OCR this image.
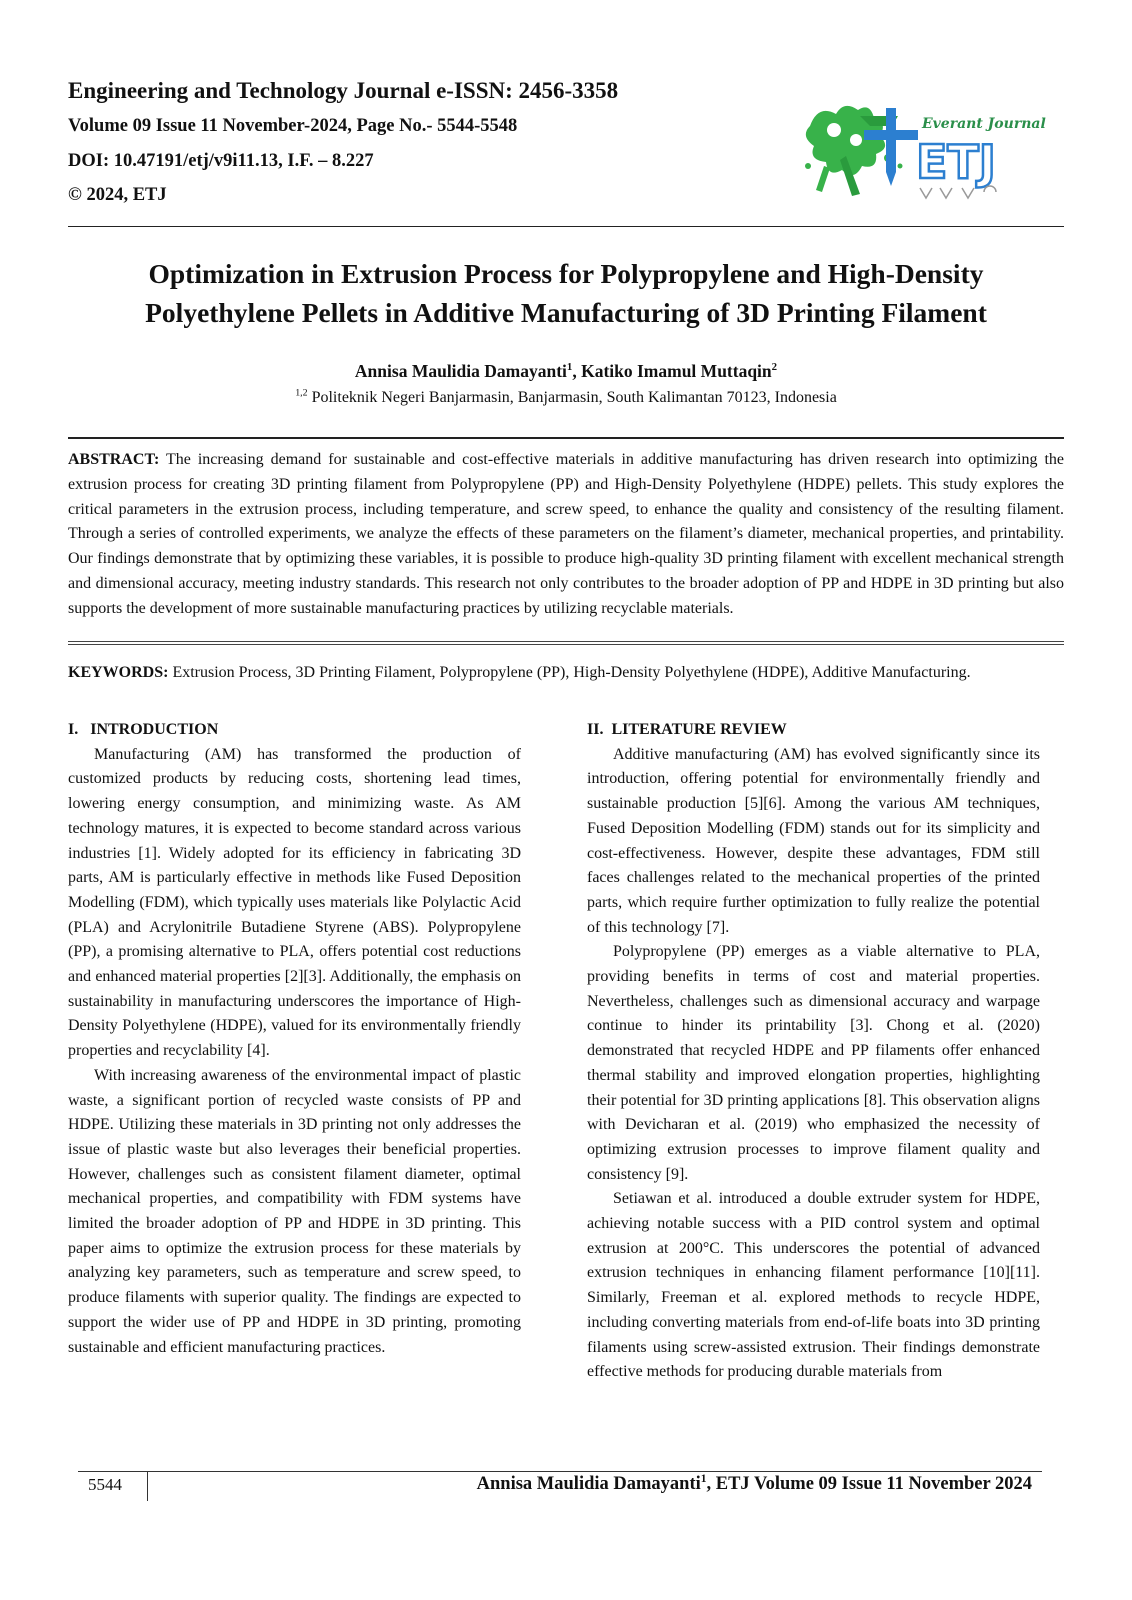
Engineering and Technology Journal e-ISSN: 2456-3358

Volume 09 Issue 11 November-2024, Page No.- 5544-5548

DOI: 10.47191/etj/v9i11.13, I.F. – 8.227

© 2024, ETJ

Everant Journal
ETJ
Optimization in Extrusion Process for Polypropylene and High-Density
Polyethylene Pellets in Additive Manufacturing of 3D Printing Filament

Annisa Maulidia Damayanti$^1$, Katiko Imamul Muttaqin$^2$

$^{1,2}$ Politeknik Negeri Banjarmasin, Banjarmasin, South Kalimantan 70123, Indonesia

ABSTRACT: The increasing demand for sustainable and cost-effective materials in additive manufacturing has driven research into optimizing the extrusion process for creating 3D printing filament from Polypropylene (PP) and High-Density Polyethylene (HDPE) pellets. This study explores the critical parameters in the extrusion process, including temperature, and screw speed, to enhance the quality and consistency of the resulting filament. Through a series of controlled experiments, we analyze the effects of these parameters on the filament’s diameter, mechanical properties, and printability. Our findings demonstrate that by optimizing these variables, it is possible to produce high-quality 3D printing filament with excellent mechanical strength and dimensional accuracy, meeting industry standards. This research not only contributes to the broader adoption of PP and HDPE in 3D printing but also supports the development of more sustainable manufacturing practices by utilizing recyclable materials.

KEYWORDS: Extrusion Process, 3D Printing Filament, Polypropylene (PP), High-Density Polyethylene (HDPE), Additive Manufacturing.

I.   INTRODUCTION

Manufacturing (AM) has transformed the production of customized products by reducing costs, shortening lead times, lowering energy consumption, and minimizing waste. As AM technology matures, it is expected to become standard across various industries [1]. Widely adopted for its efficiency in fabricating 3D parts, AM is particularly effective in methods like Fused Deposition Modelling (FDM), which typically uses materials like Polylactic Acid (PLA) and Acrylonitrile Butadiene Styrene (ABS). Polypropylene (PP), a promising alternative to PLA, offers potential cost reductions and enhanced material properties [2][3]. Additionally, the emphasis on sustainability in manufacturing underscores the importance of High-Density Polyethylene (HDPE), valued for its environmentally friendly properties and recyclability [4].

With increasing awareness of the environmental impact of plastic waste, a significant portion of recycled waste consists of PP and HDPE. Utilizing these materials in 3D printing not only addresses the issue of plastic waste but also leverages their beneficial properties. However, challenges such as consistent filament diameter, optimal mechanical properties, and compatibility with FDM systems have limited the broader adoption of PP and HDPE in 3D printing. This paper aims to optimize the extrusion process for these materials by analyzing key parameters, such as temperature and screw speed, to produce filaments with superior quality. The findings are expected to support the wider use of PP and HDPE in 3D printing, promoting sustainable and efficient manufacturing practices.

II.  LITERATURE REVIEW

Additive manufacturing (AM) has evolved significantly since its introduction, offering potential for environmentally friendly and sustainable production [5][6]. Among the various AM techniques, Fused Deposition Modelling (FDM) stands out for its simplicity and cost-effectiveness. However, despite these advantages, FDM still faces challenges related to the mechanical properties of the printed parts, which require further optimization to fully realize the potential of this technology [7].

Polypropylene (PP) emerges as a viable alternative to PLA, providing benefits in terms of cost and material properties. Nevertheless, challenges such as dimensional accuracy and warpage continue to hinder its printability [3]. Chong et al. (2020) demonstrated that recycled HDPE and PP filaments offer enhanced thermal stability and improved elongation properties, highlighting their potential for 3D printing applications [8]. This observation aligns with Devicharan et al. (2019) who emphasized the necessity of optimizing extrusion processes to improve filament quality and consistency [9].

Setiawan et al. introduced a double extruder system for HDPE, achieving notable success with a PID control system and optimal extrusion at 200°C. This underscores the potential of advanced extrusion techniques in enhancing filament performance [10][11]. Similarly, Freeman et al. explored methods to recycle HDPE, including converting materials from end-of-life boats into 3D printing filaments using screw-assisted extrusion. Their findings demonstrate effective methods for producing durable materials from

5544	Annisa Maulidia Damayanti$^1$, ETJ Volume 09 Issue 11 November 2024
